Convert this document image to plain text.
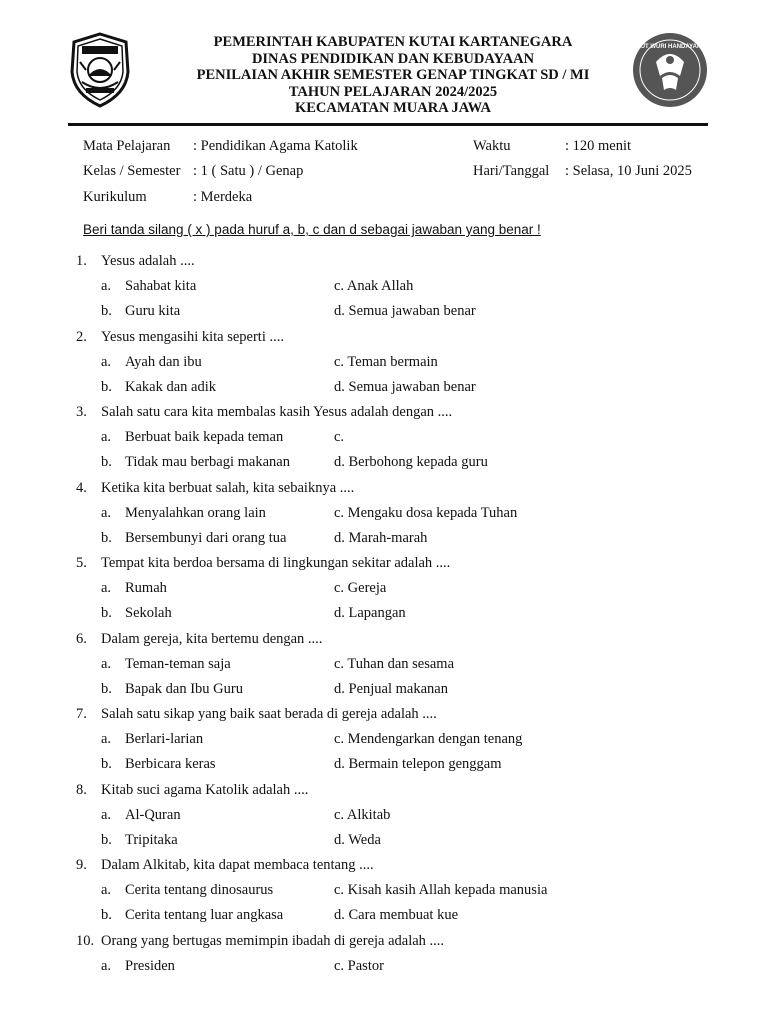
PEMERINTAH KABUPATEN KUTAI KARTANEGARA
DINAS PENDIDIKAN DAN KEBUDAYAAN
PENILAIAN AKHIR SEMESTER GENAP TINGKAT SD / MI
TAHUN PELAJARAN 2024/2025
KECAMATAN MUARA JAWA
TUT WURI HANDAYANI
Mata Pelajaran : Pendidikan Agama Katolik
Kelas / Semester : 1 ( Satu ) / Genap
Kurikulum	: Merdeka
Waktu	: 120 menit
Hari/Tanggal : Selasa, 10 Juni 2025
Beri tanda silang ( x ) pada huruf a, b, c dan d sebagai jawaban yang benar !
1. Yesus adalah ....
a. Sahabat kita	c. Anak Allah
b. Guru kita	d. Semua jawaban benar
2. Yesus mengasihi kita seperti ....
a. Ayah dan ibu	c. Teman bermain
b. Kakak dan adik	d. Semua jawaban benar
3. Salah satu cara kita membalas kasih Yesus adalah dengan ....
a. Berbuat baik kepada teman	c.
b. Tidak mau berbagi makanan	d. Berbohong kepada guru
4. Ketika kita berbuat salah, kita sebaiknya ....
a. Menyalahkan orang lain	c. Mengaku dosa kepada Tuhan
b. Bersembunyi dari orang tua	d. Marah-marah
5. Tempat kita berdoa bersama di lingkungan sekitar adalah ....
a. Rumah	c. Gereja
b. Sekolah	d. Lapangan
6. Dalam gereja, kita bertemu dengan ....
a. Teman-teman saja	c. Tuhan dan sesama
b. Bapak dan Ibu Guru	d. Penjual makanan
7. Salah satu sikap yang baik saat berada di gereja adalah ....
a. Berlari-larian	c. Mendengarkan dengan tenang
b. Berbicara keras	d. Bermain telepon genggam
8. Kitab suci agama Katolik adalah ....
a. Al-Quran	c. Alkitab
b. Tripitaka	d. Weda
9. Dalam Alkitab, kita dapat membaca tentang ....
a. Cerita tentang dinosaurus	c. Kisah kasih Allah kepada manusia
b. Cerita tentang luar angkasa	d. Cara membuat kue
10. Orang yang bertugas memimpin ibadah di gereja adalah ....
a. Presiden	c. Pastor
